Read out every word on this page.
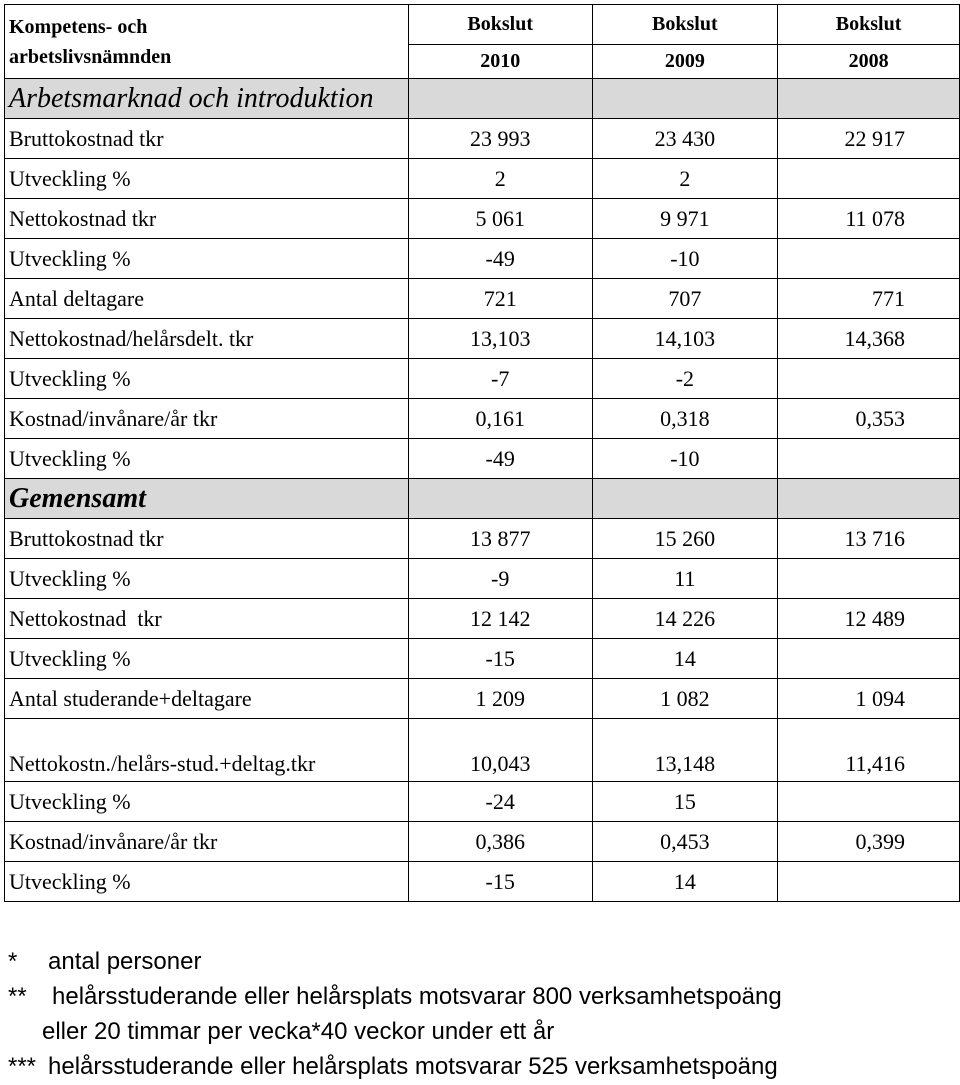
Kompetens- och
arbetslivsnämnden	Bokslut	Bokslut	Bokslut
	2010	2009	2008
Arbetsmarknad och introduktion			
Bruttokostnad tkr	23 993	23 430	22 917
Utveckling %	2	2	
Nettokostnad tkr	5 061	9 971	11 078
Utveckling %	-49	-10	
Antal deltagare	721	707	771
Nettokostnad/helårsdelt. tkr	13,103	14,103	14,368
Utveckling %	-7	-2	
Kostnad/invånare/år tkr	0,161	0,318	0,353
Utveckling %	-49	-10	
Gemensamt			
Bruttokostnad tkr	13 877	15 260	13 716
Utveckling %	-9	11	
Nettokostnad  tkr	12 142	14 226	12 489
Utveckling %	-15	14	
Antal studerande+deltagare	1 209	1 082	1 094
Nettokostn./helårs-stud.+deltag.tkr	10,043	13,148	11,416
Utveckling %	-24	15	
Kostnad/invånare/år tkr	0,386	0,453	0,399
Utveckling %	-15	14	
* antal personer
** helårsstuderande eller helårsplats motsvarar 800 verksamhetspoäng
eller 20 timmar per vecka*40 veckor under ett år
*** helårsstuderande eller helårsplats motsvarar 525 verksamhetspoäng
